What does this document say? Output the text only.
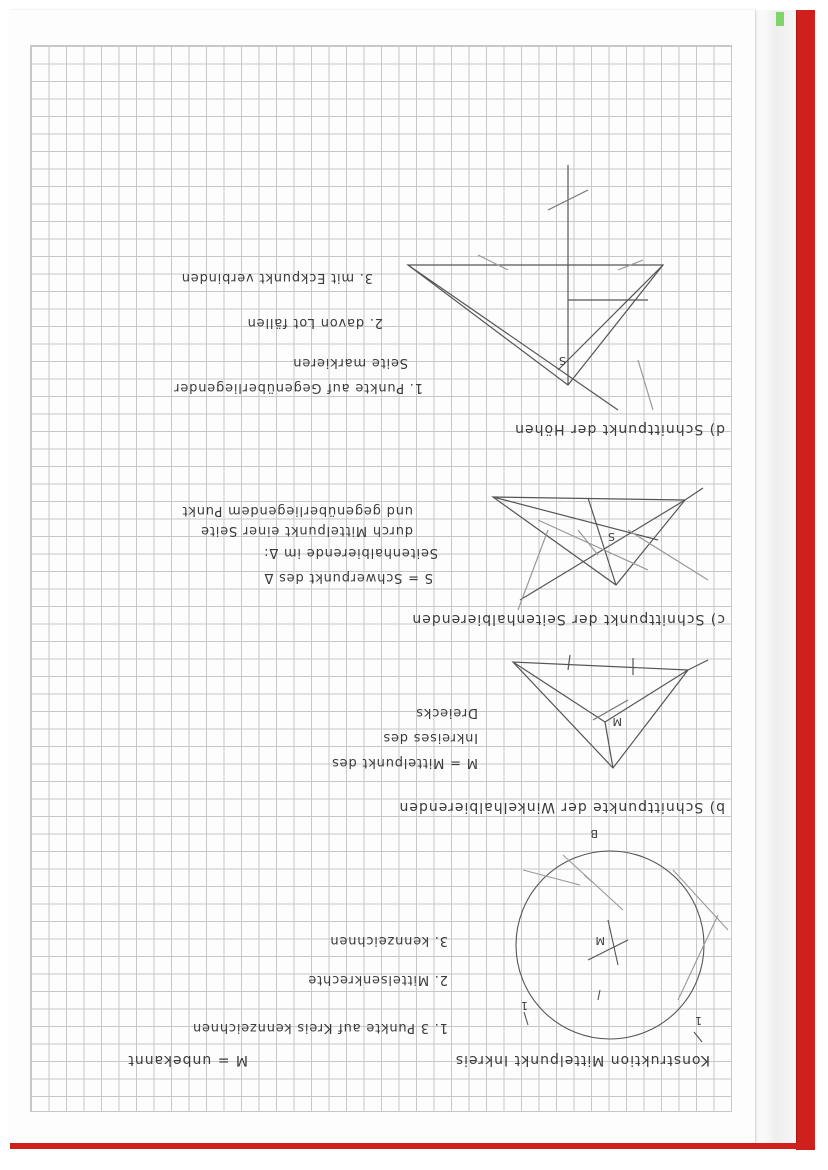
Konstruktion Mittelpunkt Inkreis
M = unbekannt
1. 3 Punkte auf Kreis kennzeichnen
2. Mittelsenkrechte
3. kennzeichnen	M
1
1
B
b) Schnittpunkte der Winkelhalbierenden
M = Mittelpunkt des
Inkreises des
Dreiecks
M
c) Schnittpunkt der Seitenhalbierenden
S = Schwerpunkt des Δ
Seitenhalbierende im Δ:
durch Mittelpunkt einer Seite
und gegenüberliegendem Punkt
S
d) Schnittpunkt der Höhen
1. Punkte auf Gegenüberliegender
Seite markieren
2. davon Lot fällen
3. mit Eckpunkt verbinden
S
